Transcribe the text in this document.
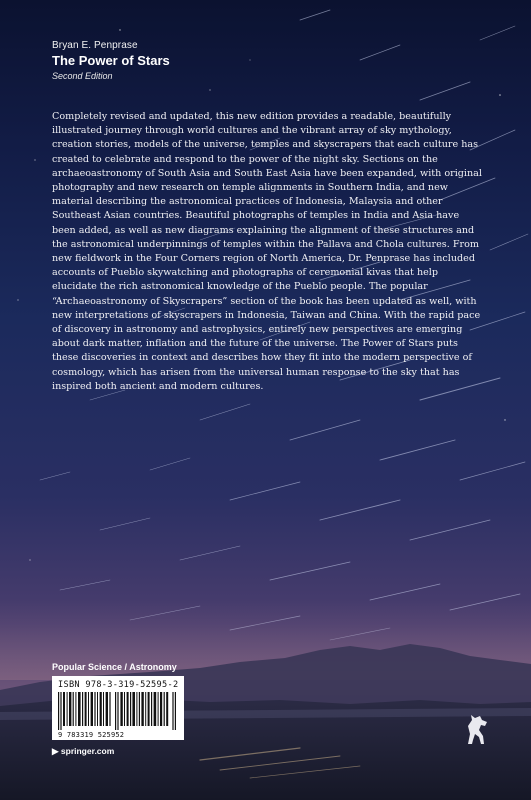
Bryan E. Penprase
The Power of Stars
Second Edition

Completely revised and updated, this new edition provides a readable, beautifully illustrated journey through world cultures and the vibrant array of sky mythology, creation stories, models of the universe, temples and skyscrapers that each culture has created to celebrate and respond to the power of the night sky. Sections on the archaeoastronomy of South Asia and South East Asia have been expanded, with original photography and new research on temple alignments in Southern India, and new material describing the astronomical practices of Indonesia, Malaysia and other Southeast Asian countries. Beautiful photographs of temples in India and Asia have been added, as well as new diagrams explaining the alignment of these structures and the astronomical underpinnings of temples within the Pallava and Chola cultures. From new fieldwork in the Four Corners region of North America, Dr. Penprase has included accounts of Pueblo skywatching and photographs of ceremonial kivas that help elucidate the rich astronomical knowledge of the Pueblo people. The popular “Archaeoastronomy of Skyscrapers” section of the book has been updated as well, with new interpretations of skyscrapers in Indonesia, Taiwan and China. With the rapid pace of discovery in astronomy and astrophysics, entirely new perspectives are emerging about dark matter, inflation and the future of the universe. The Power of Stars puts these discoveries in context and describes how they fit into the modern perspective of cosmology, which has arisen from the universal human response to the sky that has inspired both ancient and modern cultures.

Popular Science / Astronomy
ISBN 978-3-319-52595-2
9 783319 525952
▶ springer.com
